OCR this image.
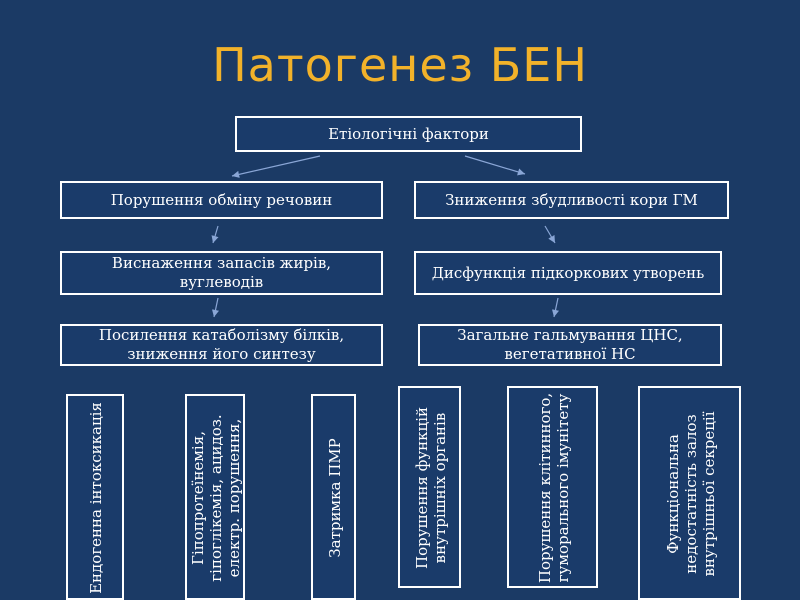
Патогенез БЕН
Етіологічні фактори
Порушення обміну речовин	Зниження збудливості кори ГМ
Виснаження запасів жирів, вуглеводів
Дисфункція підкоркових утворень
Посилення катаболізму білків, зниження його синтезу
Загальне гальмування ЦНС, вегетативної НС
Ендогенна інтоксикація	Гіпопротеїнемія, гіпоглікемія, ацидоз. електр. порушення,	Затримка ПМР	Порушення функцій внутрішніх органів	Порушення клітинного, гуморального імунітету	Функціональна недостатність залоз внутрішньої секреції
